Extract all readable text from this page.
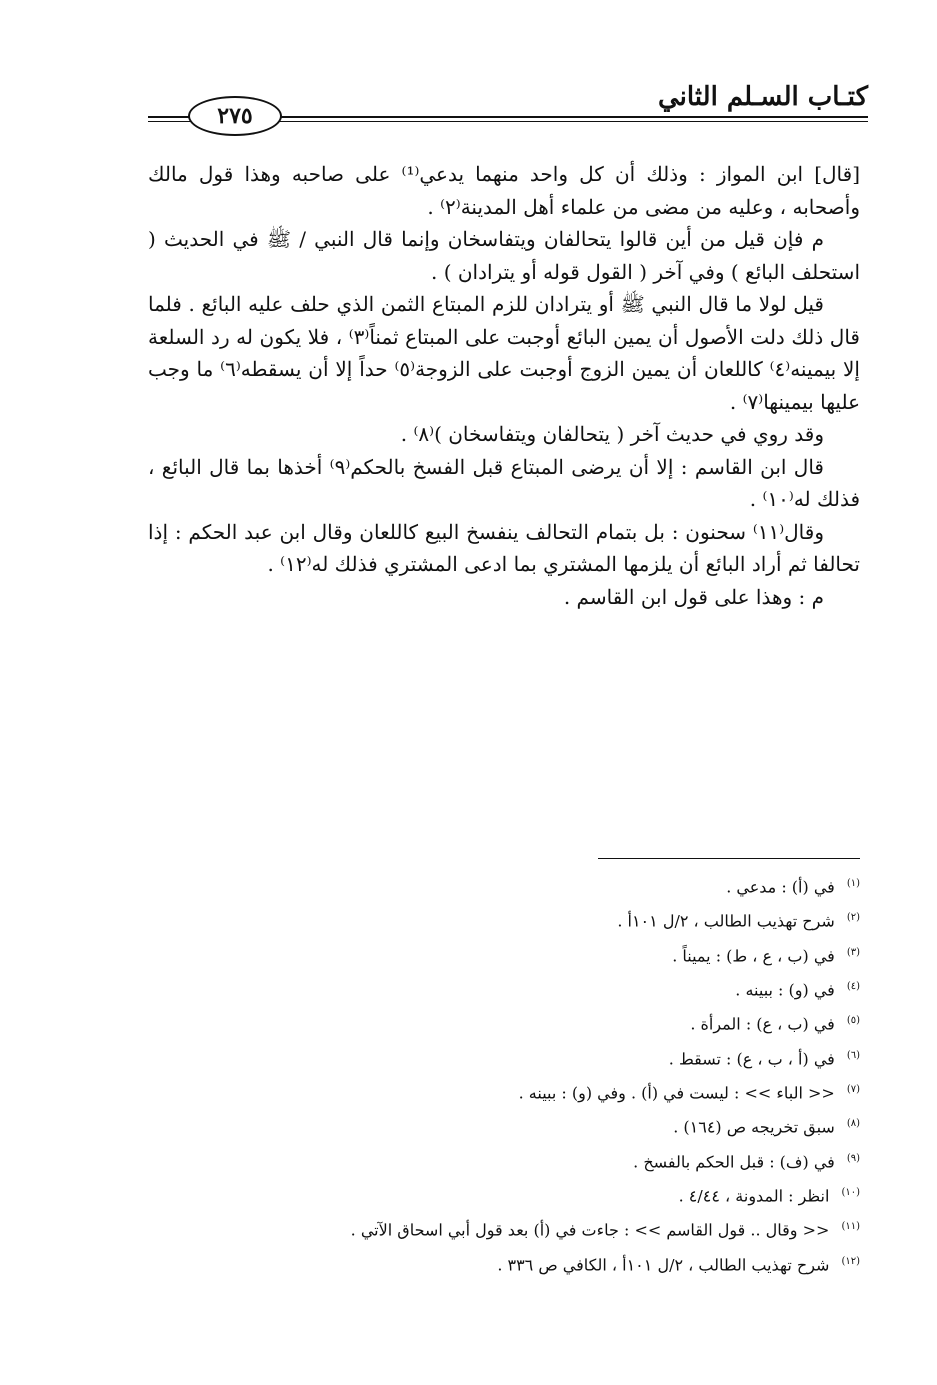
كتـاب السـلم الثاني
٢٧٥

[قال] ابن المواز : وذلك أن كل واحد منهما يدعي⁽¹⁾ على صاحبه وهذا قول مالك وأصحابه ، وعليه من مضى من علماء أهل المدينة⁽٢⁾ .

م فإن قيل من أين قالوا يتحالفان ويتفاسخان وإنما قال النبي / ﷺ في الحديث ( استحلف البائع ) وفي آخر ( القول قوله أو يترادان ) .

قيل لولا ما قال النبي ﷺ أو يترادان للزم المبتاع الثمن الذي حلف عليه البائع . فلما قال ذلك دلت الأصول أن يمين البائع أوجبت على المبتاع ثمناً⁽٣⁾ ، فلا يكون له رد السلعة إلا بيمينه⁽٤⁾ كاللعان أن يمين الزوج أوجبت على الزوجة⁽٥⁾ حداً إلا أن يسقطه⁽٦⁾ ما وجب عليها بيمينها⁽٧⁾ .

وقد روي في حديث آخر ( يتحالفان ويتفاسخان )⁽٨⁾ .

قال ابن القاسم : إلا أن يرضى المبتاع قبل الفسخ بالحكم⁽٩⁾ أخذها بما قال البائع ، فذلك له⁽١٠⁾ .

وقال⁽١١⁾ سحنون : بل بتمام التحالف ينفسخ البيع كاللعان وقال ابن عبد الحكم : إذا تحالفا ثم أراد البائع أن يلزمها المشتري بما ادعى المشتري فذلك له⁽١٢⁾ .

م : وهذا على قول ابن القاسم .

$^{(١)}$في (أ) : مدعي .
$^{(٢)}$شرح تهذيب الطالب ، ٢/ل ١٠١أ .
$^{(٣)}$في (ب ، ع ، ط) : يميناً .
$^{(٤)}$في (و) : ببينه .
$^{(٥)}$في (ب ، ع) : المرأة .
$^{(٦)}$في (أ ، ب ، ع) : تسقط .
$^{(٧)}$<< الباء >> : ليست في (أ) . وفي (و) : ببينه .
$^{(٨)}$سبق تخريجه ص (١٦٤) .
$^{(٩)}$في (ف) : قبل الحكم بالفسخ .
$^{(١٠)}$انظر : المدونة ، ٤/٤٤ .
$^{(١١)}$<< وقال .. قول القاسم >> : جاءت في (أ) بعد قول أبي اسحاق الآتي .
$^{(١٢)}$شرح تهذيب الطالب ، ٢/ل ١٠١أ ، الكافي ص ٣٣٦ .
